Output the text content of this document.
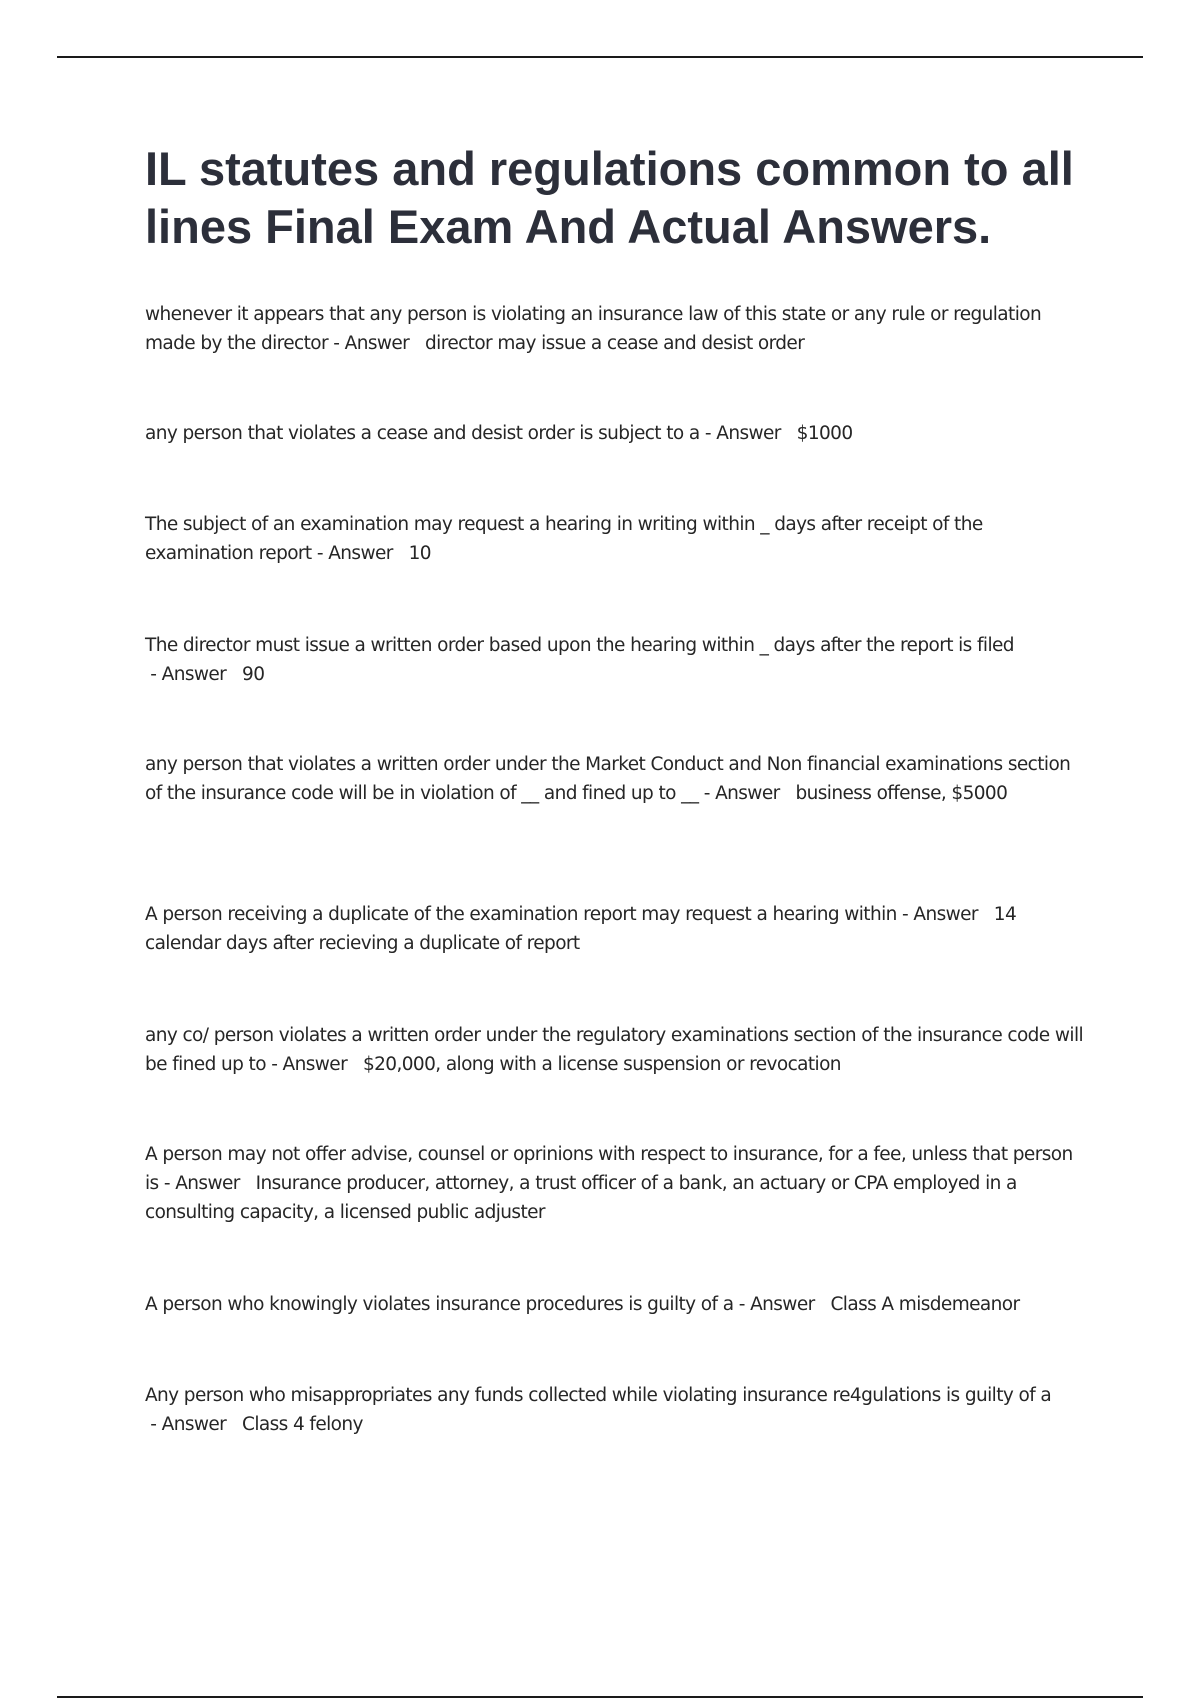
IL statutes and regulations common to all lines Final Exam And Actual Answers.
whenever it appears that any person is violating an insurance law of this state or any rule or regulation made by the director - Answer   director may issue a cease and desist order
any person that violates a cease and desist order is subject to a - Answer   $1000
The subject of an examination may request a hearing in writing within _ days after receipt of the examination report - Answer   10
The director must issue a written order based upon the hearing within _ days after the report is filed - Answer   90
any person that violates a written order under the Market Conduct and Non financial examinations section of the insurance code will be in violation of __ and fined up to __ - Answer   business offense, $5000
A person receiving a duplicate of the examination report may request a hearing within - Answer   14 calendar days after recieving a duplicate of report
any co/ person violates a written order under the regulatory examinations section of the insurance code will be fined up to - Answer   $20,000, along with a license suspension or revocation
A person may not offer advise, counsel or oprinions with respect to insurance, for a fee, unless that person is - Answer   Insurance producer, attorney, a trust officer of a bank, an actuary or CPA employed in a consulting capacity, a licensed public adjuster
A person who knowingly violates insurance procedures is guilty of a - Answer   Class A misdemeanor
Any person who misappropriates any funds collected while violating insurance re4gulations is guilty of a - Answer   Class 4 felony
